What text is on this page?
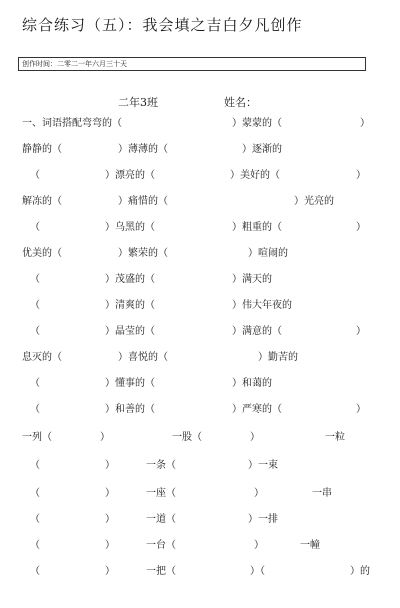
综合练习（五）：我会填之吉白夕凡创作
创作时间：二零二一年六月三十天
二年3班	姓名：
一、词语搭配弯弯的（	）蒙蒙的（	）
静静的（	）薄薄的（	）逐渐的
（	）漂亮的（	）美好的（	）
解冻的（	）痛惜的（	）光亮的
（	）乌黑的（	）粗重的（	）
优美的（	）繁荣的（	）喧闹的
（	）茂盛的（	）满天的
（	）清爽的（	）伟大年夜的
（	）晶莹的（	）满意的（	）
息灭的（	）喜悦的（	）勤苦的
（	）懂事的（	）和蔼的
（	）和善的（	）严寒的（	）
一列（	）	一股（	）	一粒
（	）	一条（	）一束
（	）	一座（	）	一串
（	）	一道（	）一排
（	）	一台（	）	一幢
（	）	一把（	）（	）的
